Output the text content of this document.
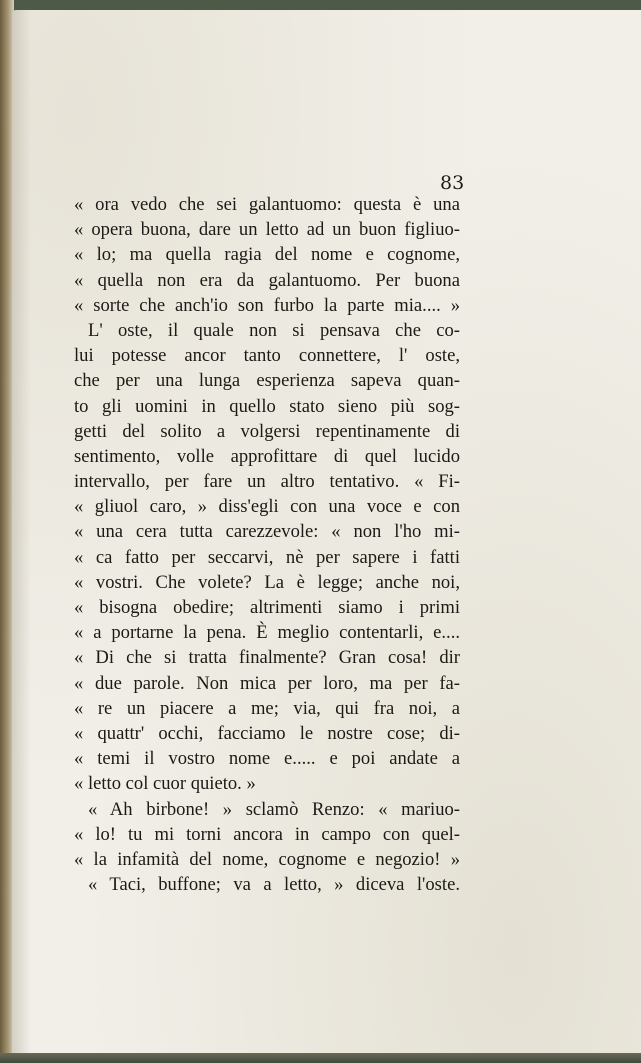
83
« ora vedo che sei galantuomo: questa è una
« opera buona, dare un letto ad un buon figliuo-
« lo; ma quella ragia del nome e cognome,
« quella non era da galantuomo. Per buona
« sorte che anch'io son furbo la parte mia.... »
L' oste, il quale non si pensava che co-
lui potesse ancor tanto connettere, l' oste,
che per una lunga esperienza sapeva quan-
to gli uomini in quello stato sieno più sog-
getti del solito a volgersi repentinamente di
sentimento, volle approfittare di quel lucido
intervallo, per fare un altro tentativo. « Fi-
« gliuol caro, » diss'egli con una voce e con
« una cera tutta carezzevole: « non l'ho mi-
« ca fatto per seccarvi, nè per sapere i fatti
« vostri. Che volete? La è legge; anche noi,
« bisogna obedire; altrimenti siamo i primi
« a portarne la pena. È meglio contentarli, e....
« Di che si tratta finalmente? Gran cosa! dir
« due parole. Non mica per loro, ma per fa-
« re un piacere a me; via, qui fra noi, a
« quattr' occhi, facciamo le nostre cose; di-
« temi il vostro nome e..... e poi andate a
« letto col cuor quieto. »
« Ah birbone! » sclamò Renzo: « mariuo-
« lo! tu mi torni ancora in campo con quel-
« la infamità del nome, cognome e negozio! »
« Taci, buffone; va a letto, » diceva l'oste.
